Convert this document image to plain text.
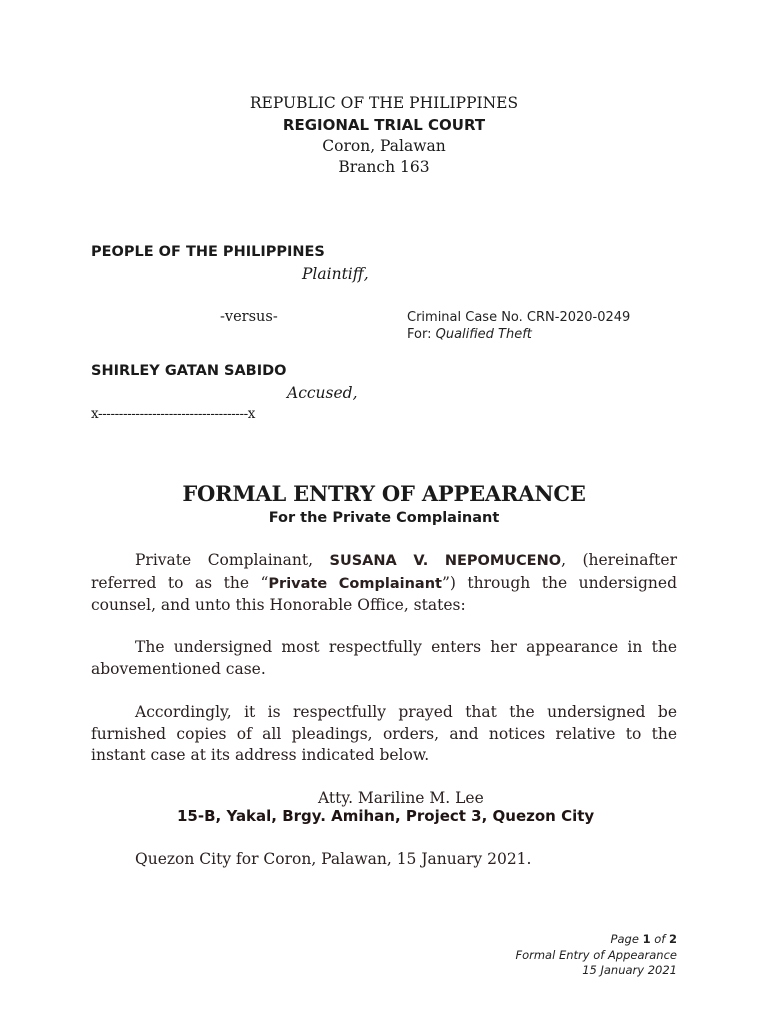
REPUBLIC OF THE PHILIPPINES
REGIONAL TRIAL COURT
Coron, Palawan
Branch 163
PEOPLE OF THE PHILIPPINES
Plaintiff,
-versus-	Criminal Case No. CRN-2020-0249
For: Qualified Theft
SHIRLEY GATAN SABIDO
Accused,
x------------------------------------x
FORMAL ENTRY OF APPEARANCE
For the Private Complainant
Private Complainant, SUSANA V. NEPOMUCENO, (hereinafter referred to as the “Private Complainant”) through the undersigned counsel, and unto this Honorable Office, states:
The undersigned most respectfully enters her appearance in the abovementioned case.
Accordingly, it is respectfully prayed that the undersigned be furnished copies of all pleadings, orders, and notices relative to the instant case at its address indicated below.
Atty. Mariline M. Lee
15-B, Yakal, Brgy. Amihan, Project 3, Quezon City
Quezon City for Coron, Palawan, 15 January 2021.
Page 1 of 2
Formal Entry of Appearance
15 January 2021
